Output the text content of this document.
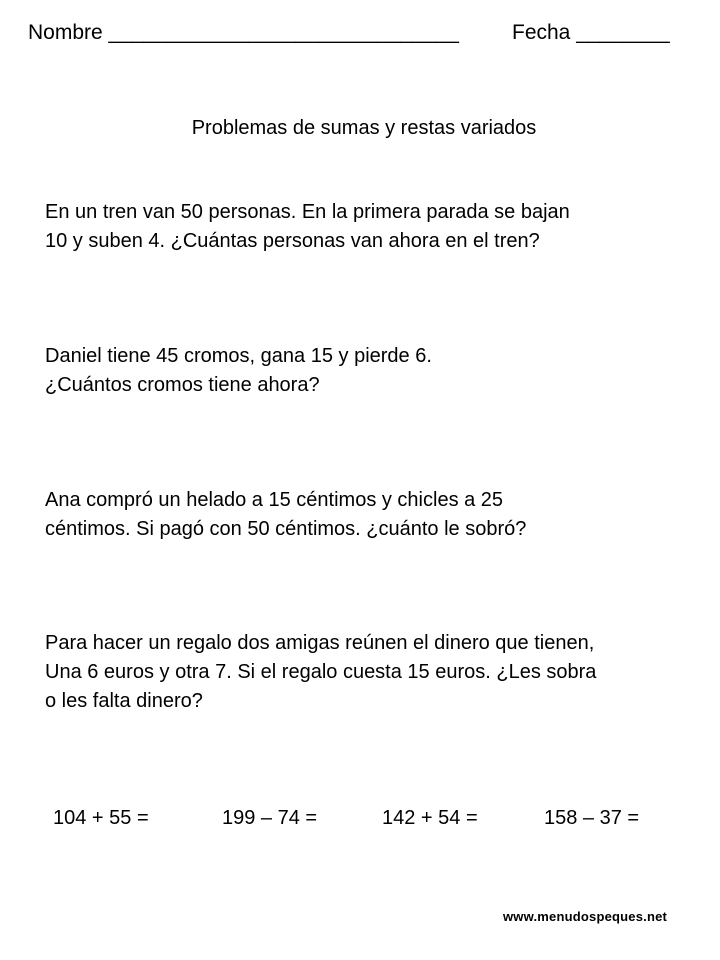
Nombre ______________________________	Fecha ________
Problemas de sumas y restas variados
En un tren van 50 personas. En la primera parada se bajan
10 y suben 4. ¿Cuántas personas van ahora en el tren?
Daniel tiene 45 cromos, gana 15 y pierde 6.
¿Cuántos cromos tiene ahora?
Ana compró un helado a 15 céntimos y chicles a 25
céntimos. Si pagó con 50 céntimos. ¿cuánto le sobró?
Para hacer un regalo dos amigas reúnen el dinero que tienen,
Una 6 euros y otra 7. Si el regalo cuesta 15 euros. ¿Les sobra
o les falta dinero?
104 + 55 =	199 – 74 =	142 + 54 =	158 – 37 =
www.menudospeques.net
